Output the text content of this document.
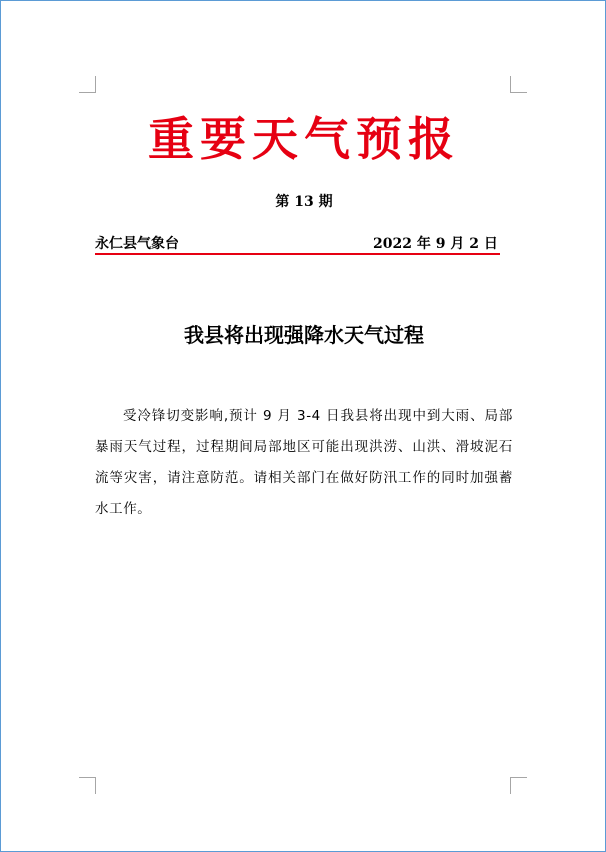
重要天气预报
第 13 期
永仁县气象台	2022 年 9 月 2 日
我县将出现强降水天气过程

受冷锋切变影响,预计 9 月 3-4 日我县将出现中到大雨、局部暴雨天气过程，过程期间局部地区可能出现洪涝、山洪、滑坡泥石流等灾害，请注意防范。请相关部门在做好防汛工作的同时加强蓄水工作。
